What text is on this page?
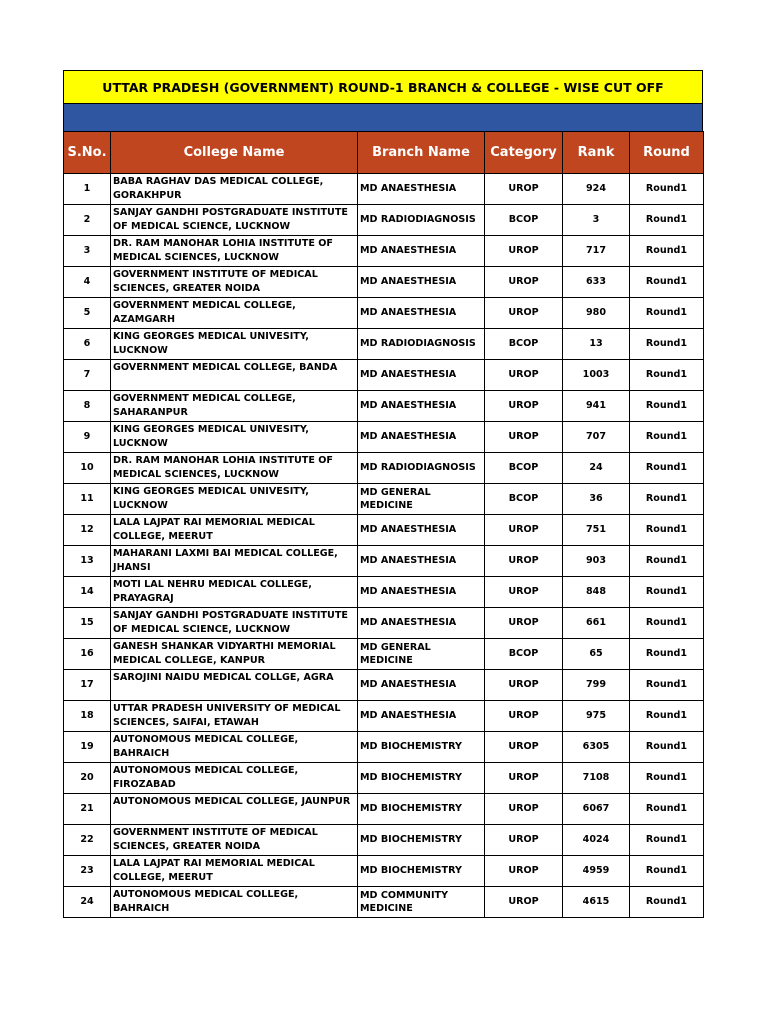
UTTAR PRADESH (GOVERNMENT) ROUND-1 BRANCH & COLLEGE - WISE CUT OFF
S.No.	College Name	Branch Name	Category	Rank	Round
1	BABA RAGHAV DAS MEDICAL COLLEGE, GORAKHPUR	MD ANAESTHESIA	UROP	924	Round1
2	SANJAY GANDHI POSTGRADUATE INSTITUTE OF MEDICAL SCIENCE, LUCKNOW	MD RADIODIAGNOSIS	BCOP	3	Round1
3	DR. RAM MANOHAR LOHIA INSTITUTE OF MEDICAL SCIENCES, LUCKNOW	MD ANAESTHESIA	UROP	717	Round1
4	GOVERNMENT INSTITUTE OF MEDICAL SCIENCES, GREATER NOIDA	MD ANAESTHESIA	UROP	633	Round1
5	GOVERNMENT MEDICAL COLLEGE, AZAMGARH	MD ANAESTHESIA	UROP	980	Round1
6	KING GEORGES MEDICAL UNIVESITY, LUCKNOW	MD RADIODIAGNOSIS	BCOP	13	Round1
7	GOVERNMENT MEDICAL COLLEGE, BANDA	MD ANAESTHESIA	UROP	1003	Round1
8	GOVERNMENT MEDICAL COLLEGE, SAHARANPUR	MD ANAESTHESIA	UROP	941	Round1
9	KING GEORGES MEDICAL UNIVESITY, LUCKNOW	MD ANAESTHESIA	UROP	707	Round1
10	DR. RAM MANOHAR LOHIA INSTITUTE OF MEDICAL SCIENCES, LUCKNOW	MD RADIODIAGNOSIS	BCOP	24	Round1
11	KING GEORGES MEDICAL UNIVESITY, LUCKNOW	MD GENERAL MEDICINE	BCOP	36	Round1
12	LALA LAJPAT RAI MEMORIAL MEDICAL COLLEGE, MEERUT	MD ANAESTHESIA	UROP	751	Round1
13	MAHARANI LAXMI BAI MEDICAL COLLEGE, JHANSI	MD ANAESTHESIA	UROP	903	Round1
14	MOTI LAL NEHRU MEDICAL COLLEGE, PRAYAGRAJ	MD ANAESTHESIA	UROP	848	Round1
15	SANJAY GANDHI POSTGRADUATE INSTITUTE OF MEDICAL SCIENCE, LUCKNOW	MD ANAESTHESIA	UROP	661	Round1
16	GANESH SHANKAR VIDYARTHI MEMORIAL MEDICAL COLLEGE, KANPUR	MD GENERAL MEDICINE	BCOP	65	Round1
17	SAROJINI NAIDU MEDICAL COLLGE, AGRA	MD ANAESTHESIA	UROP	799	Round1
18	UTTAR PRADESH UNIVERSITY OF MEDICAL SCIENCES, SAIFAI, ETAWAH	MD ANAESTHESIA	UROP	975	Round1
19	AUTONOMOUS MEDICAL COLLEGE, BAHRAICH	MD BIOCHEMISTRY	UROP	6305	Round1
20	AUTONOMOUS MEDICAL COLLEGE, FIROZABAD	MD BIOCHEMISTRY	UROP	7108	Round1
21	AUTONOMOUS MEDICAL COLLEGE, JAUNPUR	MD BIOCHEMISTRY	UROP	6067	Round1
22	GOVERNMENT INSTITUTE OF MEDICAL SCIENCES, GREATER NOIDA	MD BIOCHEMISTRY	UROP	4024	Round1
23	LALA LAJPAT RAI MEMORIAL MEDICAL COLLEGE, MEERUT	MD BIOCHEMISTRY	UROP	4959	Round1
24	AUTONOMOUS MEDICAL COLLEGE, BAHRAICH	MD COMMUNITY MEDICINE	UROP	4615	Round1
